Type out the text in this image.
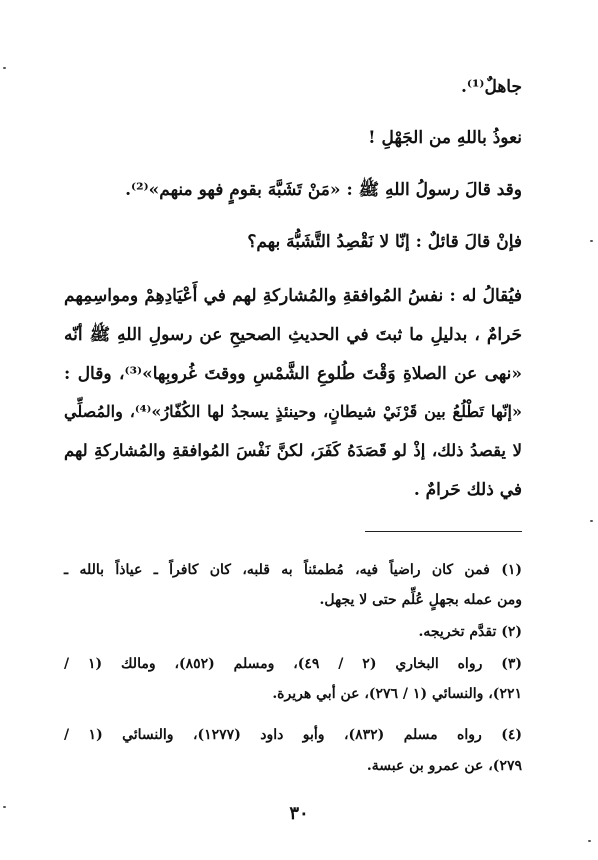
جاهلٌ⁽¹⁾.
نعوذُ باللهِ من الجَهْلِ !
وقد قالَ رسولُ اللهِ ﷺ : «مَنْ تَشَبَّهَ بقومٍ فهو منهم»⁽²⁾.
فإنْ قالَ قائلٌ : إنّا لا نَقْصِدُ التَّشَبُّهَ بهم؟
فيُقالُ له : نفسُ المُوافقةِ والمُشاركةِ لهم في أَعْيَادِهِمْ ومواسِمِهم
حَرامٌ ، بدليلِ ما ثبتَ في الحديثِ الصحيحِ عن رسولِ اللهِ ﷺ أنّه
«نهى عن الصلاةِ وَقْتَ طُلوعِ الشَّمْسِ ووقتَ غُروبِها»⁽³⁾، وقال :
«إنّها تَطْلُعُ بين قَرْنَيْ شيطانٍ، وحينئذٍ يسجدُ لها الكُفّارُ»⁽⁴⁾، والمُصلِّي
لا يقصدُ ذلك، إذْ لو قَصَدَهُ كَفَرَ، لكنَّ نَفْسَ المُوافقةِ والمُشاركةِ لهم
في ذلك حَرامٌ .
(١) فمن كان راضياً فيه، مُطمئناً به قلبه، كان كافراً ـ عياذاً بالله ـ
ومن عمله بجهلٍ عُلِّم حتى لا يجهل.
(٢) تقدَّم تخريجه.
(٣) رواه البخاري (٢ / ٤٩)، ومسلم (٨٥٢)، ومالك (١ /
٢٢١)، والنسائي (١ / ٢٧٦)، عن أبي هريرة.
(٤) رواه مسلم (٨٣٢)، وأبو داود (١٢٧٧)، والنسائي (١ /
٢٧٩)، عن عمرو بن عبسة.
٣٠
